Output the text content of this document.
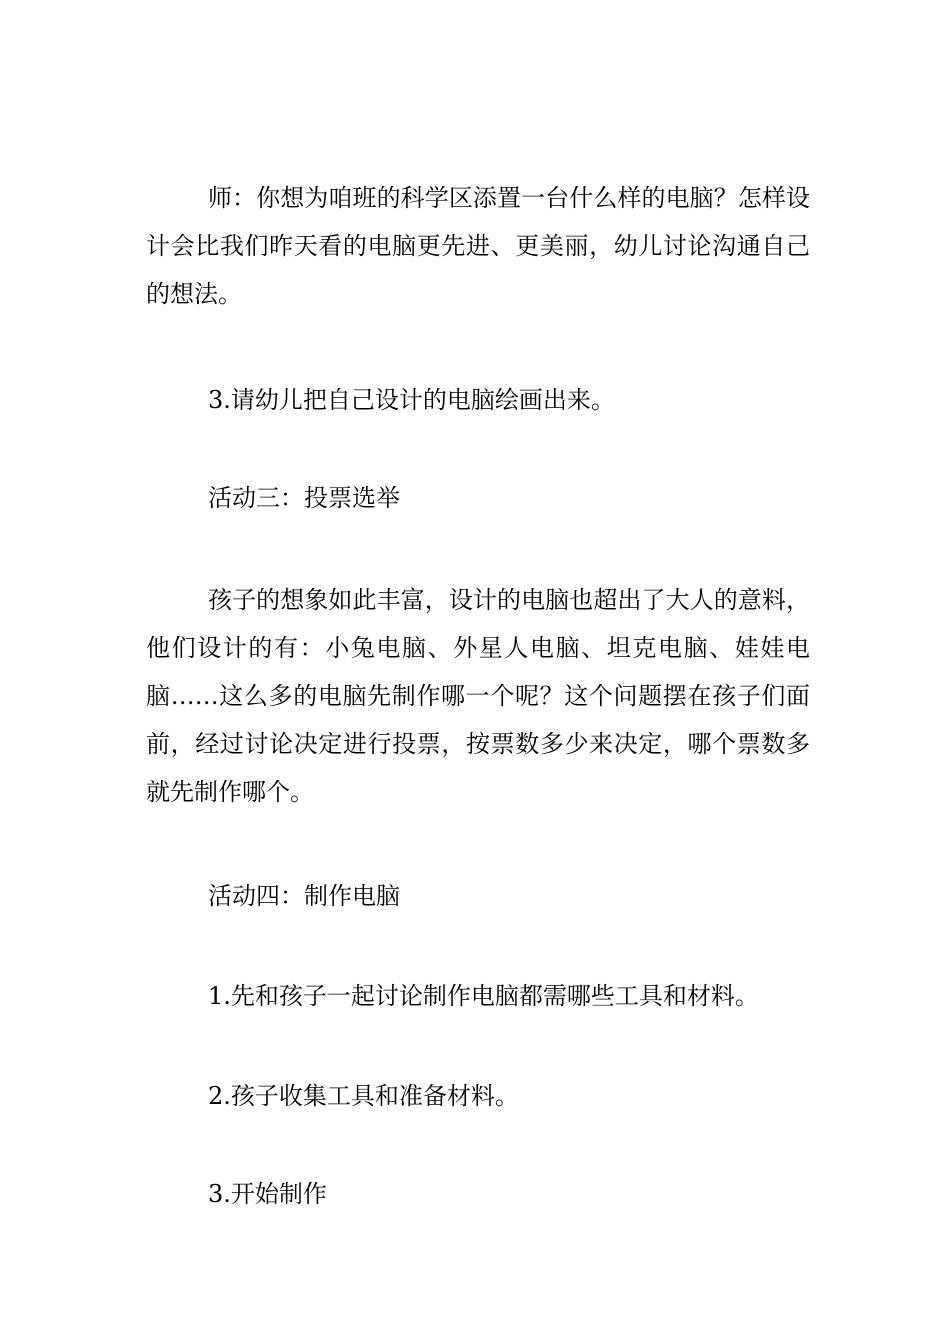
师：你想为咱班的科学区添置一台什么样的电脑？怎样设计会比我们昨天看的电脑更先进、更美丽，幼儿讨论沟通自己的想法。

3.请幼儿把自己设计的电脑绘画出来。

活动三：投票选举

孩子的想象如此丰富，设计的电脑也超出了大人的意料，他们设计的有：小兔电脑、外星人电脑、坦克电脑、娃娃电脑……这么多的电脑先制作哪一个呢？这个问题摆在孩子们面前，经过讨论决定进行投票，按票数多少来决定，哪个票数多就先制作哪个。

活动四：制作电脑

1.先和孩子一起讨论制作电脑都需哪些工具和材料。

2.孩子收集工具和准备材料。

3.开始制作
